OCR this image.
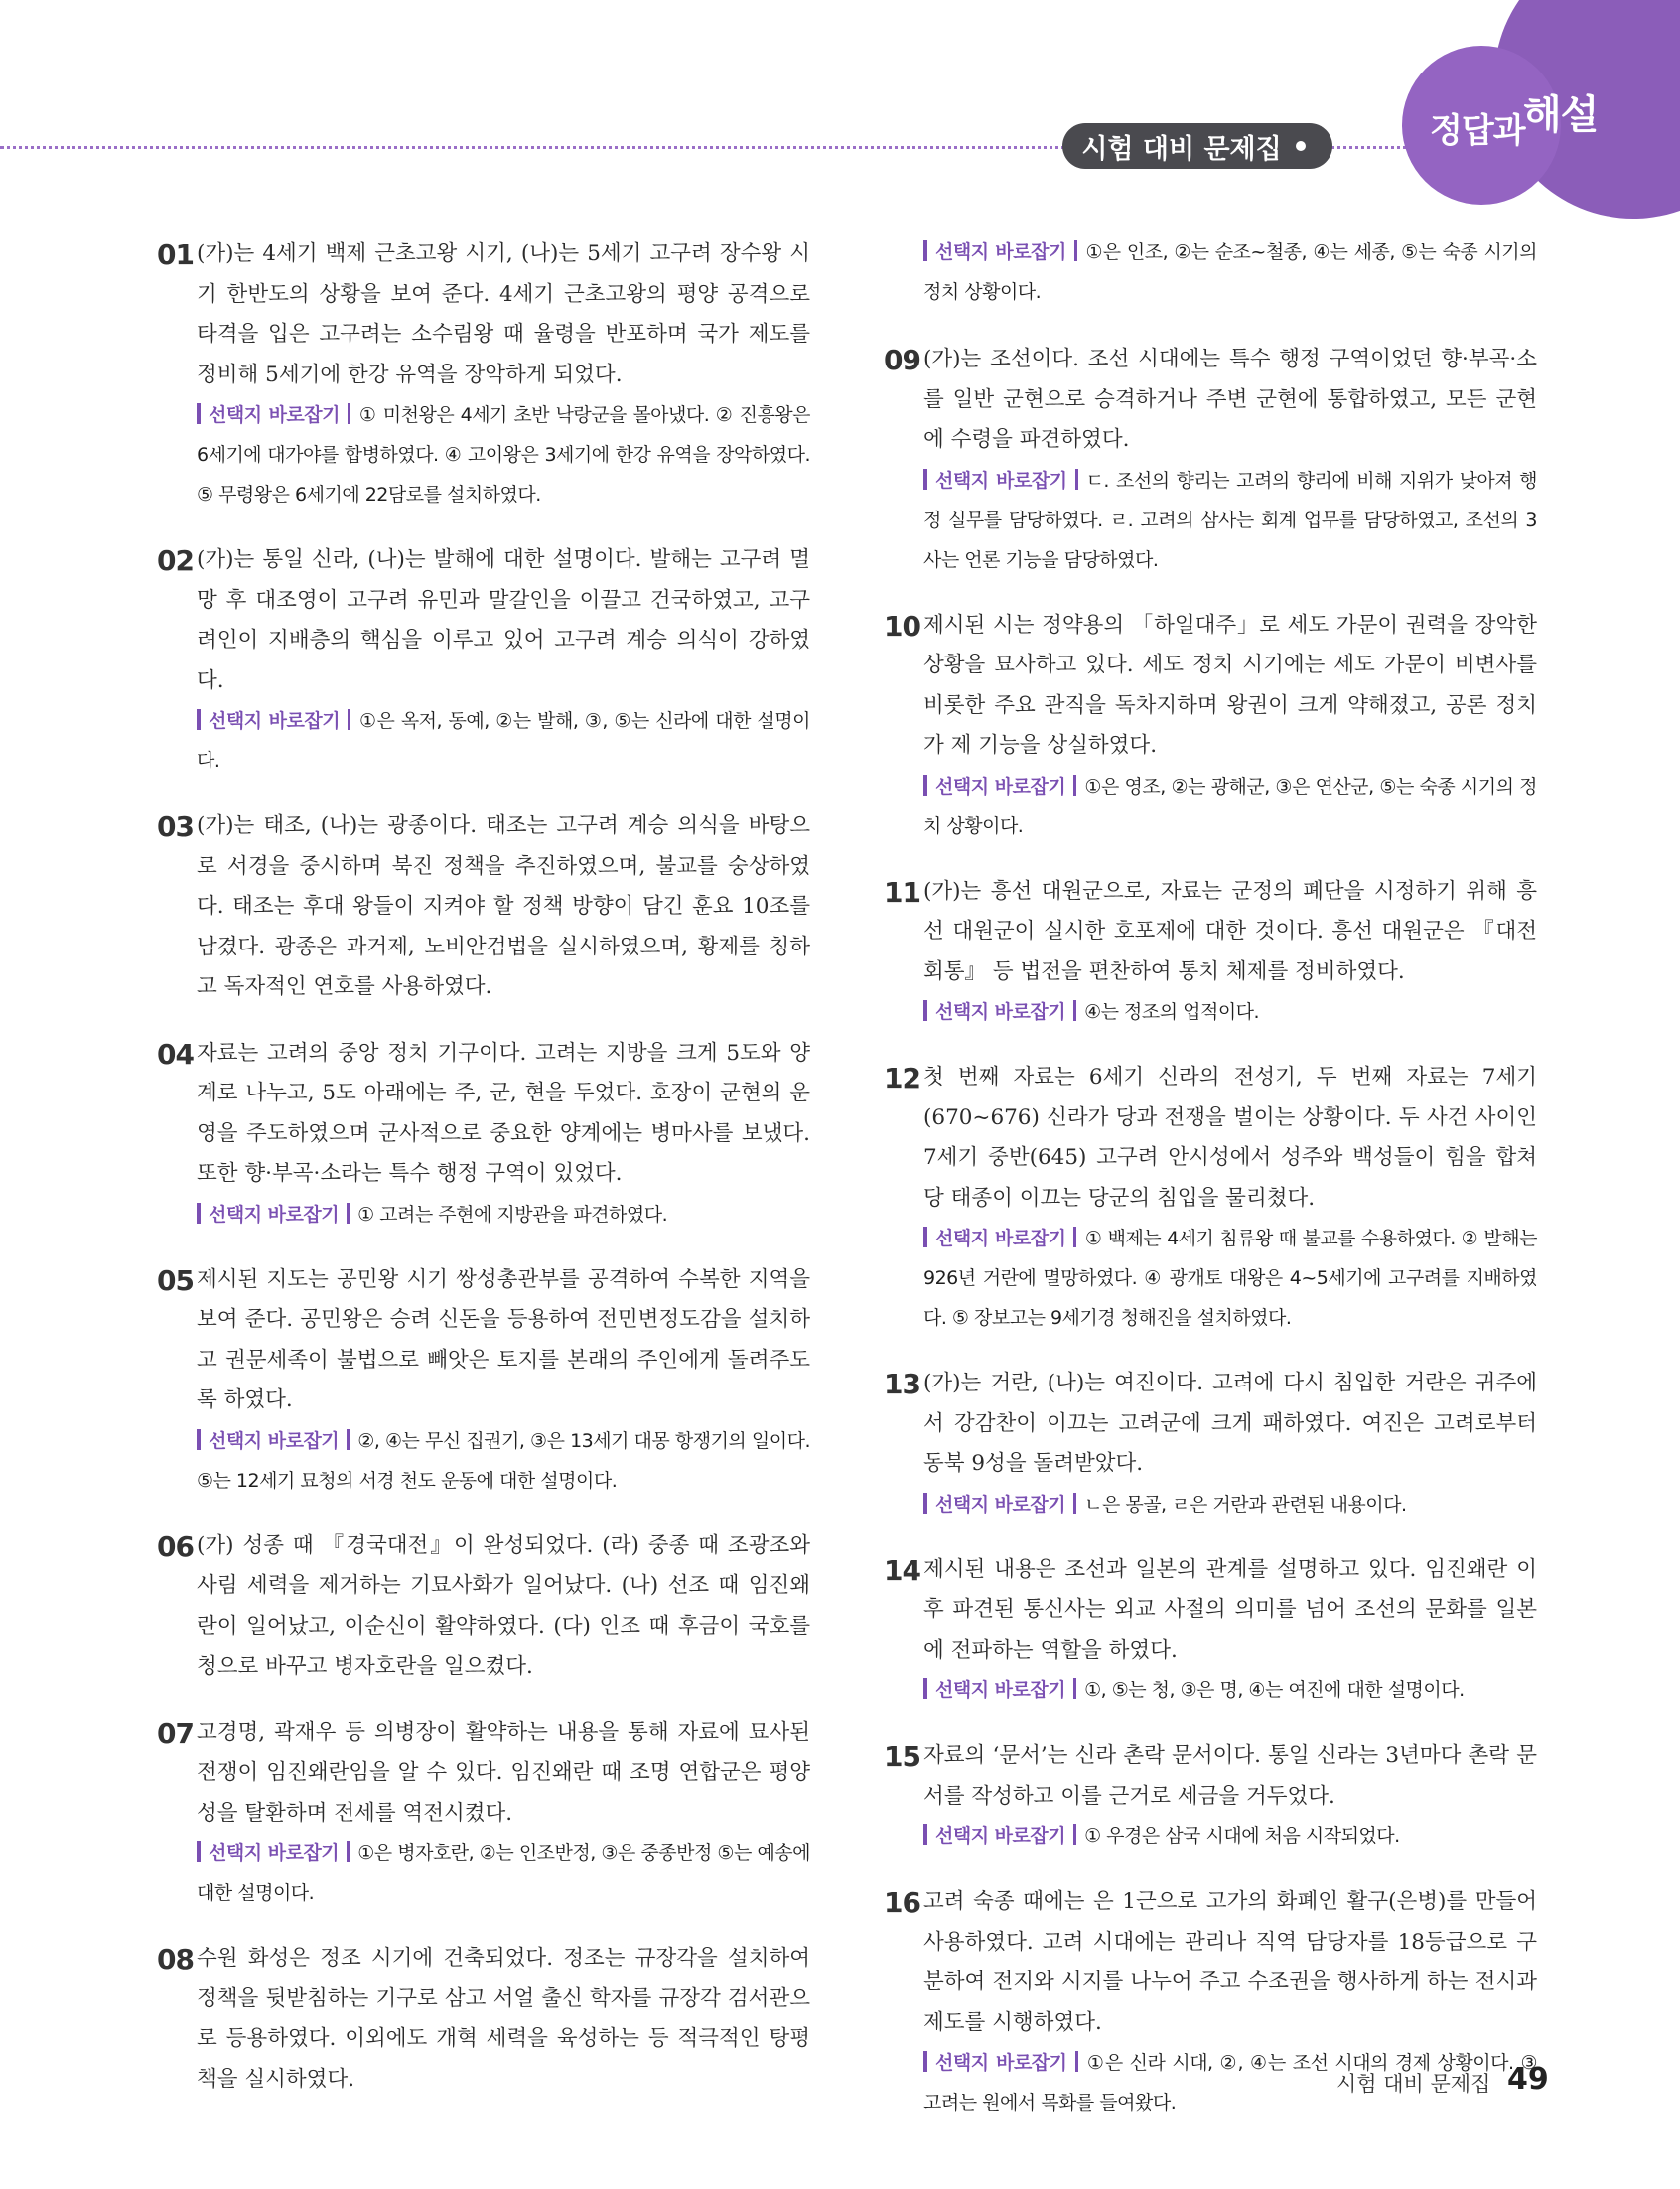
시험 대비 문제집	정답과
해설
01 (가)는 4세기 백제 근초고왕 시기, (나)는 5세기 고구려 장수왕 시기 한반도의 상황을 보여 준다. 4세기 근초고왕의 평양 공격으로 타격을 입은 고구려는 소수림왕 때 율령을 반포하며 국가 제도를 정비해 5세기에 한강 유역을 장악하게 되었다.
선택지 바로잡기 ① 미천왕은 4세기 초반 낙랑군을 몰아냈다. ② 진흥왕은 6세기에 대가야를 합병하였다. ④ 고이왕은 3세기에 한강 유역을 장악하였다. ⑤ 무령왕은 6세기에 22담로를 설치하였다.
02 (가)는 통일 신라, (나)는 발해에 대한 설명이다. 발해는 고구려 멸망 후 대조영이 고구려 유민과 말갈인을 이끌고 건국하였고, 고구려인이 지배층의 핵심을 이루고 있어 고구려 계승 의식이 강하였다.
선택지 바로잡기 ①은 옥저, 동예, ②는 발해, ③, ⑤는 신라에 대한 설명이다.
03 (가)는 태조, (나)는 광종이다. 태조는 고구려 계승 의식을 바탕으로 서경을 중시하며 북진 정책을 추진하였으며, 불교를 숭상하였다. 태조는 후대 왕들이 지켜야 할 정책 방향이 담긴 훈요 10조를 남겼다. 광종은 과거제, 노비안검법을 실시하였으며, 황제를 칭하고 독자적인 연호를 사용하였다.
04 자료는 고려의 중앙 정치 기구이다. 고려는 지방을 크게 5도와 양계로 나누고, 5도 아래에는 주, 군, 현을 두었다. 호장이 군현의 운영을 주도하였으며 군사적으로 중요한 양계에는 병마사를 보냈다. 또한 향·부곡·소라는 특수 행정 구역이 있었다.
선택지 바로잡기 ① 고려는 주현에 지방관을 파견하였다.
05 제시된 지도는 공민왕 시기 쌍성총관부를 공격하여 수복한 지역을 보여 준다. 공민왕은 승려 신돈을 등용하여 전민변정도감을 설치하고 권문세족이 불법으로 빼앗은 토지를 본래의 주인에게 돌려주도록 하였다.
선택지 바로잡기 ②, ④는 무신 집권기, ③은 13세기 대몽 항쟁기의 일이다. ⑤는 12세기 묘청의 서경 천도 운동에 대한 설명이다.
06 (가) 성종 때 『경국대전』이 완성되었다. (라) 중종 때 조광조와 사림 세력을 제거하는 기묘사화가 일어났다. (나) 선조 때 임진왜란이 일어났고, 이순신이 활약하였다. (다) 인조 때 후금이 국호를 청으로 바꾸고 병자호란을 일으켰다.
07 고경명, 곽재우 등 의병장이 활약하는 내용을 통해 자료에 묘사된 전쟁이 임진왜란임을 알 수 있다. 임진왜란 때 조명 연합군은 평양성을 탈환하며 전세를 역전시켰다.
선택지 바로잡기 ①은 병자호란, ②는 인조반정, ③은 중종반정 ⑤는 예송에 대한 설명이다.
08 수원 화성은 정조 시기에 건축되었다. 정조는 규장각을 설치하여 정책을 뒷받침하는 기구로 삼고 서얼 출신 학자를 규장각 검서관으로 등용하였다. 이외에도 개혁 세력을 육성하는 등 적극적인 탕평책을 실시하였다.
선택지 바로잡기 ①은 인조, ②는 순조~철종, ④는 세종, ⑤는 숙종 시기의 정치 상황이다.
09 (가)는 조선이다. 조선 시대에는 특수 행정 구역이었던 향·부곡·소를 일반 군현으로 승격하거나 주변 군현에 통합하였고, 모든 군현에 수령을 파견하였다.
선택지 바로잡기 ㄷ. 조선의 향리는 고려의 향리에 비해 지위가 낮아져 행정 실무를 담당하였다. ㄹ. 고려의 삼사는 회계 업무를 담당하였고, 조선의 3사는 언론 기능을 담당하였다.
10 제시된 시는 정약용의 「하일대주」로 세도 가문이 권력을 장악한 상황을 묘사하고 있다. 세도 정치 시기에는 세도 가문이 비변사를 비롯한 주요 관직을 독차지하며 왕권이 크게 약해졌고, 공론 정치가 제 기능을 상실하였다.
선택지 바로잡기 ①은 영조, ②는 광해군, ③은 연산군, ⑤는 숙종 시기의 정치 상황이다.
11 (가)는 흥선 대원군으로, 자료는 군정의 폐단을 시정하기 위해 흥선 대원군이 실시한 호포제에 대한 것이다. 흥선 대원군은 『대전회통』 등 법전을 편찬하여 통치 체제를 정비하였다.
선택지 바로잡기 ④는 정조의 업적이다.
12 첫 번째 자료는 6세기 신라의 전성기, 두 번째 자료는 7세기(670~676) 신라가 당과 전쟁을 벌이는 상황이다. 두 사건 사이인 7세기 중반(645) 고구려 안시성에서 성주와 백성들이 힘을 합쳐 당 태종이 이끄는 당군의 침입을 물리쳤다.
선택지 바로잡기 ① 백제는 4세기 침류왕 때 불교를 수용하였다. ② 발해는 926년 거란에 멸망하였다. ④ 광개토 대왕은 4~5세기에 고구려를 지배하였다. ⑤ 장보고는 9세기경 청해진을 설치하였다.
13 (가)는 거란, (나)는 여진이다. 고려에 다시 침입한 거란은 귀주에서 강감찬이 이끄는 고려군에 크게 패하였다. 여진은 고려로부터 동북 9성을 돌려받았다.
선택지 바로잡기 ㄴ은 몽골, ㄹ은 거란과 관련된 내용이다.
14 제시된 내용은 조선과 일본의 관계를 설명하고 있다. 임진왜란 이후 파견된 통신사는 외교 사절의 의미를 넘어 조선의 문화를 일본에 전파하는 역할을 하였다.
선택지 바로잡기 ①, ⑤는 청, ③은 명, ④는 여진에 대한 설명이다.
15 자료의 ‘문서’는 신라 촌락 문서이다. 통일 신라는 3년마다 촌락 문서를 작성하고 이를 근거로 세금을 거두었다.
선택지 바로잡기 ① 우경은 삼국 시대에 처음 시작되었다.
16 고려 숙종 때에는 은 1근으로 고가의 화폐인 활구(은병)를 만들어 사용하였다. 고려 시대에는 관리나 직역 담당자를 18등급으로 구분하여 전지와 시지를 나누어 주고 수조권을 행사하게 하는 전시과 제도를 시행하였다.
선택지 바로잡기 ①은 신라 시대, ②, ④는 조선 시대의 경제 상황이다. ③ 고려는 원에서 목화를 들여왔다.
시험 대비 문제집 49
